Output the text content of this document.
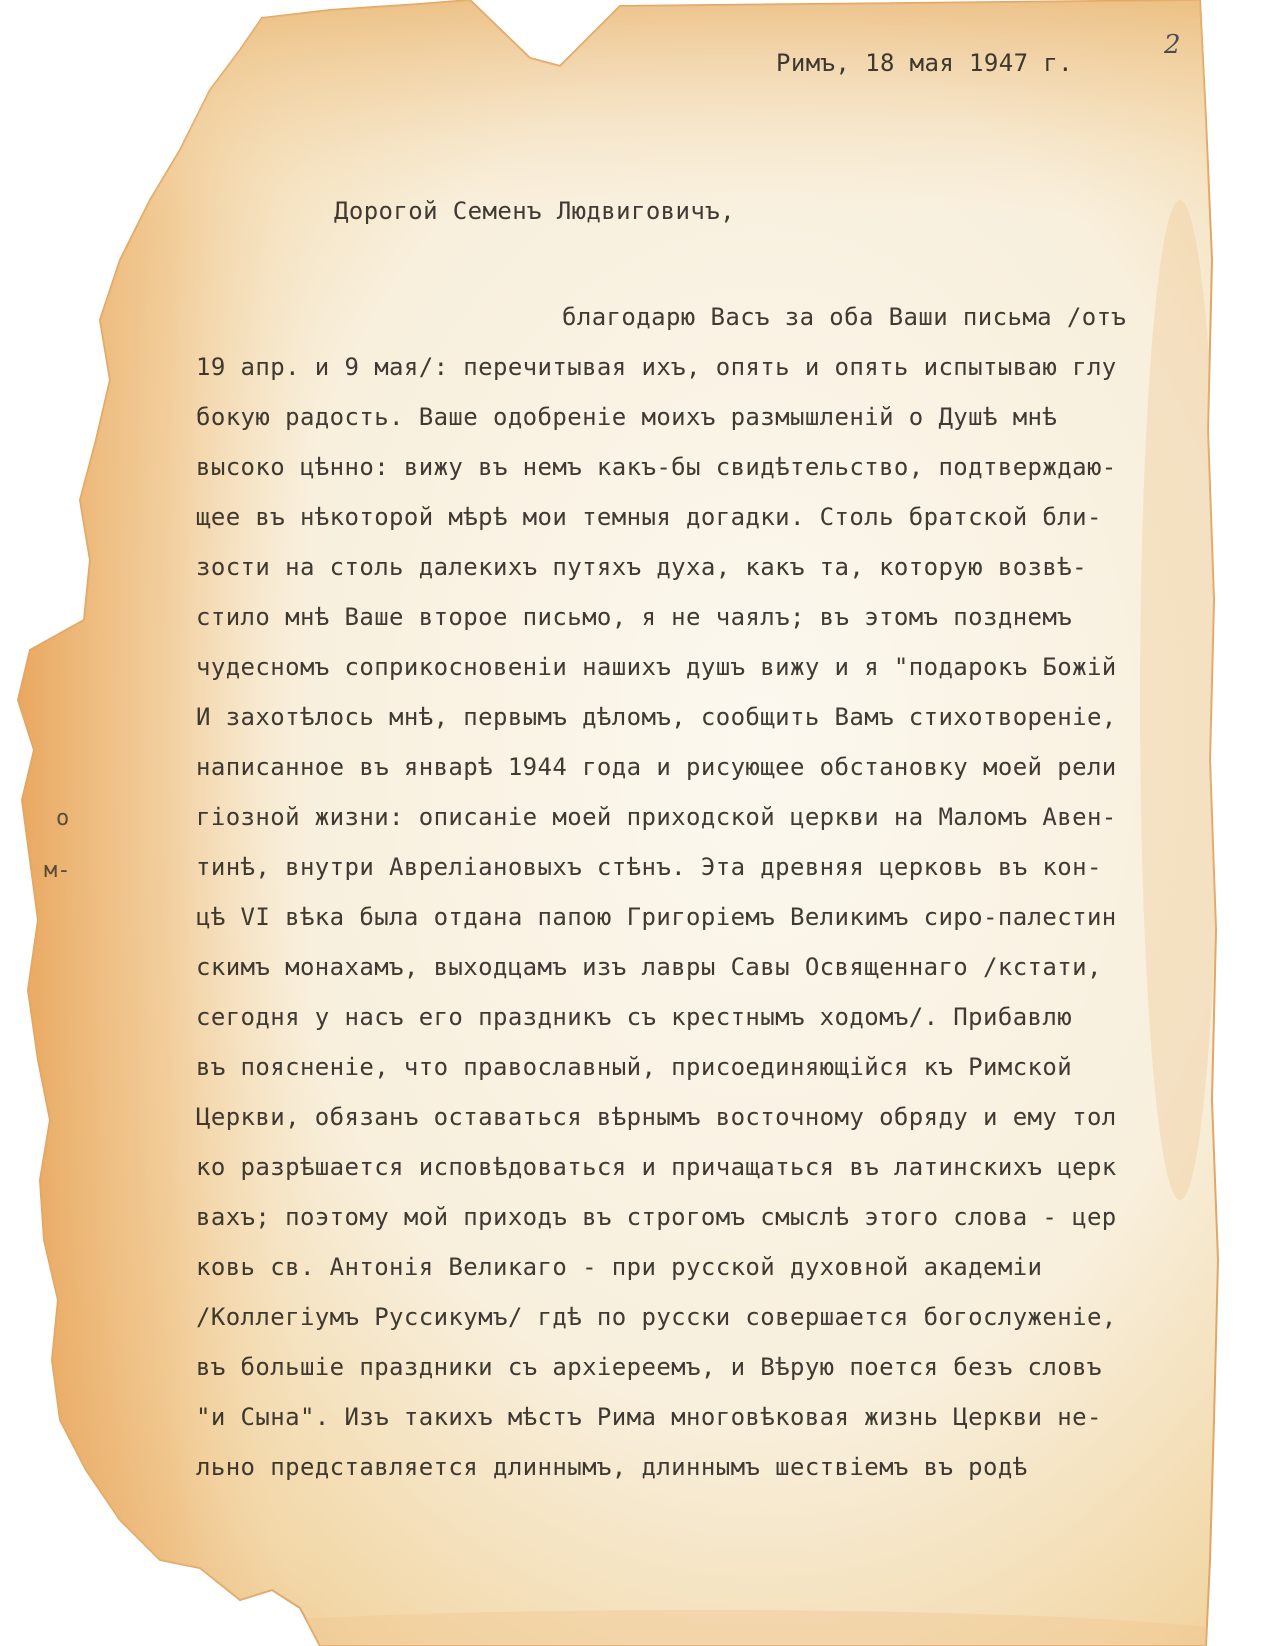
2
Римъ, 18 мая 1947 г.
Дорогой Семенъ Людвиговичъ,
благодарю Васъ за оба Ваши письма /отъ
19 апр. и 9 мая/: перечитывая ихъ, опять и опять испытываю глу
бокую радость. Ваше одобреніе моихъ размышленій о Душѣ мнѣ
высоко цѣнно: вижу въ немъ какъ-бы свидѣтельство, подтверждаю-
щее въ нѣкоторой мѣрѣ мои темныя догадки. Столь братской бли-
зости на столь далекихъ путяхъ духа, какъ та, которую возвѣ-
стило мнѣ Ваше второе письмо, я не чаялъ; въ этомъ позднемъ
чудесномъ соприкосновеніи нашихъ душъ вижу и я "подарокъ Божій
И захотѣлось мнѣ, первымъ дѣломъ, сообщить Вамъ стихотвореніе,
написанное въ январѣ 1944 года и рисующее обстановку моей рели
гіозной жизни: описаніе моей приходской церкви на Маломъ Авен-
тинѣ, внутри Авреліановыхъ стѣнъ. Эта древняя церковь въ кон-
цѣ VI вѣка была отдана папою Григоріемъ Великимъ сиро-палестин
скимъ монахамъ, выходцамъ изъ лавры Савы Освященнаго /кстати,
сегодня у насъ его праздникъ съ крестнымъ ходомъ/. Прибавлю
въ поясненіе, что православный, присоединяющійся къ Римской
Церкви, обязанъ оставаться вѣрнымъ восточному обряду и ему тол
ко разрѣшается исповѣдоваться и причащаться въ латинскихъ церк
вахъ; поэтому мой приходъ въ строгомъ смыслѣ этого слова - цер
ковь св. Антонія Великаго - при русской духовной академіи
/Коллегіумъ Руссикумъ/ гдѣ по русски совершается богослуженіе,
въ большіе праздники съ архіереемъ, и Вѣрую поется безъ словъ
"и Сына". Изъ такихъ мѣстъ Рима многовѣковая жизнь Церкви не-
льно представляется длиннымъ, длиннымъ шествіемъ въ родѣ
о
м-
